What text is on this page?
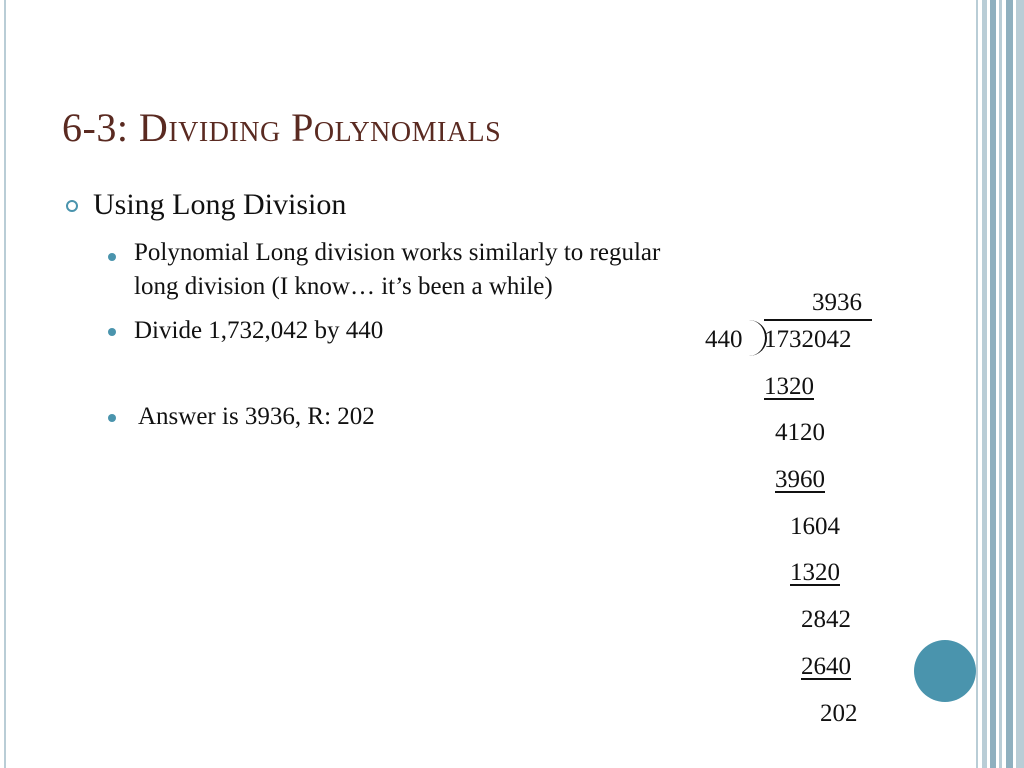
6-3: Dividing Polynomials
Using Long Division
Polynomial Long division works similarly to regular
long division (I know… it’s been a while)
Divide 1,732,042 by 440
Answer is 3936, R: 202
3936
440 1732042
1320
4120
3960
1604
1320
2842
2640
202
